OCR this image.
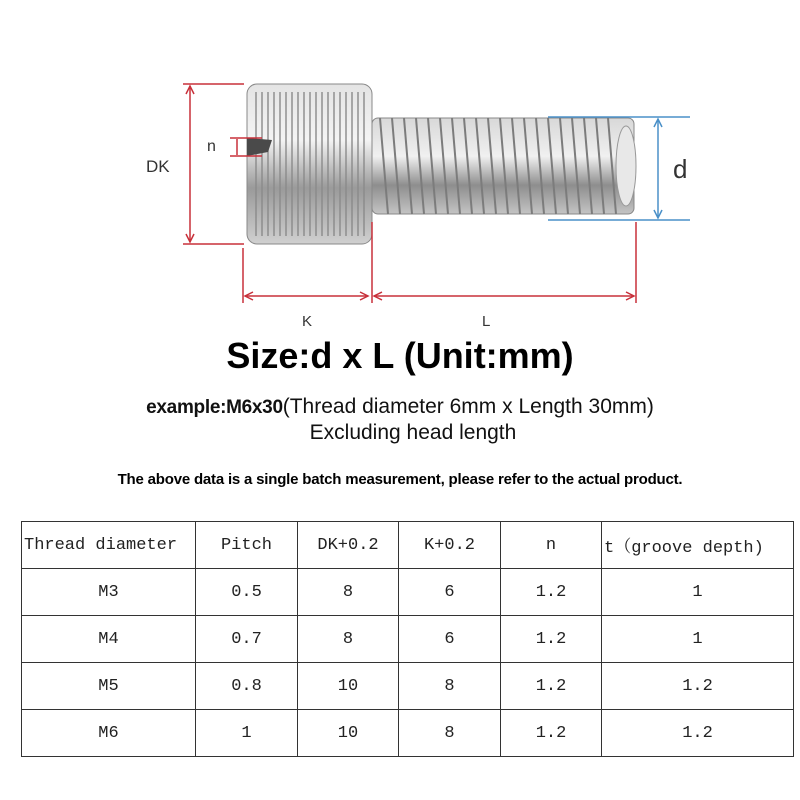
DK
n
d
K	L
Size:d x L (Unit:mm)
example:M6x30(Thread diameter 6mm x Length 30mm)
Excluding head length
The above data is a single batch measurement, please refer to the actual product.
Thread diameter	Pitch	DK+0.2	K+0.2	n	t（groove depth)
M3	0.5	8	6	1.2	1
M4	0.7	8	6	1.2	1
M5	0.8	10	8	1.2	1.2
M6	1	10	8	1.2	1.2
